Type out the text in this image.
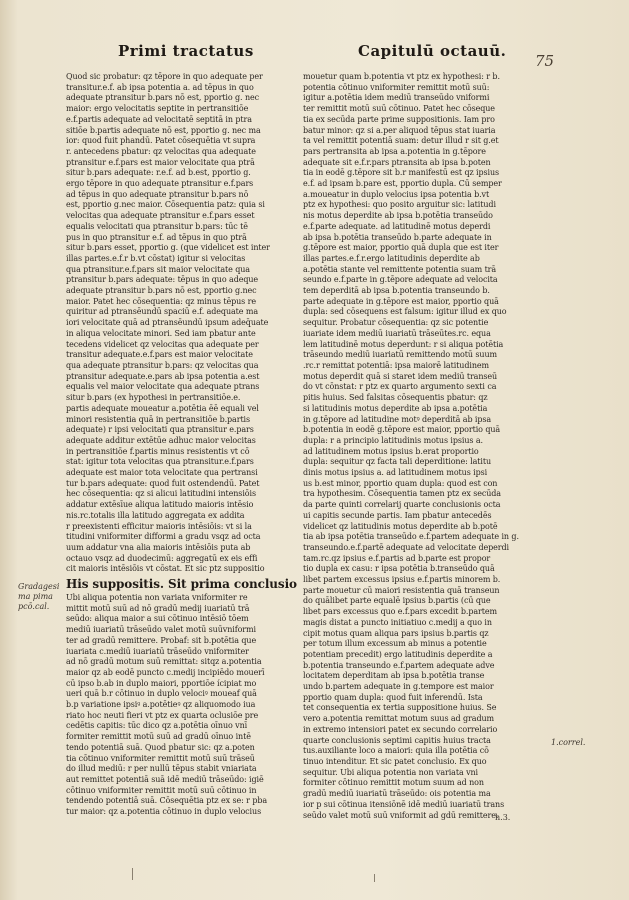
Primi tractatus	Capitulū octauū.
75
Quod sic probatur: qz tēpore in quo adequate per
transitur.e.f. ab ipsa potentia a. ad tēpus in quo
adequate ptransitur b.pars nō est, pportio g. nec
maior: ergo velocitatis septite in pertransitiōe
e.f.partis adequate ad velocitatē septitā in ptra
sitiōe b.partis adequate nō est, pportio g. nec ma
ior: quod fuit phandū. Patet cōsequētia vt supra
r. antecedens pbatur: qz velocitas qua adequate
ptransitur e.f.pars est maior velocitate qua ptrā
situr b.pars adequate: r.e.f. ad b.est, pportio g.
ergo tēpore in quo adequate ptransitur e.f.pars
ad tēpus in quo adequate ptransitur b.pars nō
est, pportio g.nec maior. Cōsequentia patz: quia si
velocitas qua adequate ptransitur e.f.pars esset
equalis velocitati qua ptransitur b.pars: tūc tē
pus in quo ptransitur e.f. ad tēpus in quo ptrā
situr b.pars esset, pportio g. (que videlicet est inter
illas partes.e.f.r b.vt cōstat) igitur si velocitas
qua ptransitur.e.f.pars sit maior velocitate qua
ptransitur b.pars adequate: tēpus in quo adeque
adequate ptransitur b.pars nō est, pportio g.nec
maior. Patet hec cōsequentia: qz minus tēpus re
quiritur ad ptransēundū spaciū e.f. adequate ma
iori velocitate quā ad ptransēundū ipsum adeq̄uate
in aliqua velocitate minori. Sed iam pbatur ante
tecedens videlicet qz velocitas qua adequate per
transitur adequate.e.f.pars est maior velocitate
qua adequate ptransitur b.pars: qz velocitas qua
ptransitur adequate.e.pars ab ipsa potentia a.est
equalis vel maior velocitate qua adequate ptrans
situr b.pars (ex hypothesi in pertransitiōe.e.
partis adequate moueatur a.potētia ēē equali vel
minori resistentia quā in pertransitiōe b.partis
adequate) r ipsi velocitati qua ptransitur e.pars
adequate additur extētūe adhuc maior velocitas
in pertransitiōe f.partis minus resistentis vt cō
stat: igitur tota velocitas qua ptransitur.e.f.pars
adequate est maior tota velocitate qua pertransi
tur b.pars adequate: quod fuit ostendendū. Patet
hec cōsequentia: qz si alicui latitudini intensiōis
addatur extēsīue aliqua latitudo maioris intēsio
nis.rc.totalis illa latitudo aggregata ex addita
r preexistenti efficitur maioris intēsiōis: vt si la
titudini vniformiter difformi a gradu vsqz ad octa
uum addatur vna alia maioris intēsiōis puta ab
octauo vsqz ad duodecimū: aggregatū ex eis effi
cit maioris intēsiōis vt cōstat. Et sic ptz suppositio
His suppositis. Sit prima conclusio
Ubi aliqua potentia non variata vniformiter re
mittit motū suū ad nō gradū medij iuariatū trā
seūdo: aliqua maior a sui cōtinuo intēsiō tōem
mediū iuariatū trāseūdo valet motū suūvniformi
ter ad gradū remittere. Probaf: sit b.potētia que
iuariata c.mediū iuariatū trāseūdo vniformiter
ad nō gradū motum suū remittat: sitqz a.potentia
maior qz ab eodē puncto c.medij incipiēdo mouerī
cū ipso b.ab in duplo maiori, pportiōe ícipiat mo
ueri quā b.r cōtinuo in duplo velociꝰ moueaf quā
b.p variatione ipsiꝰ a.potētieꝰ qz aliquomodo iua
riato hoc neuti fieri vt ptz ex quarta oclusiōe pre
cedētis capitis: tūc dico qz a.potētia oīnuo vnī
formiter remittit motū suū ad gradū oīnuo intē
tendo potentiā suā. Quod pbatur sic: qz a.poten
tia cōtinuo vniformiter remittit motū suū trāseū
do illud mediū: r per nullū tēpus stabit vniariata
aut remittet potentiā suā idē mediū trāseūdo: igiē
cōtinuo vniformiter remittit motū suū cōtinuo in
tendendo potentiā suā. Cōsequētia ptz ex se: r pba
tur maior: qz a.potentia cōtinuo in duplo velocius
mouetur quam b.potentia vt ptz ex hypothesi: r b.
potentia cōtinuo vniformiter remittit motū suū:
igitur a.potētia idem mediū transeūdo vniformi
ter remittit motū suū cōtinuo. Patet hec cōseque
tia ex secūda parte prime suppositionis. Iam pro
batur minor: qz si a.per aliquod tēpus stat iuaria
ta vel remittit potentiā suam: detur illud r sit g.et
pars pertransita ab ipsa a.potentia in g.tēpore
adequate sit e.f.r.pars ptransita ab ipsa b.poten
tia in eodē g.tēpore sit b.r manifestū est qz ipsius
e.f. ad ipsam b.pare est, pportio dupla. Cū semper
a.moueatur in duplo velocius ipsa potentia b.vt
ptz ex hypothesi: quo posito arguitur sic: latitudi
nis motus deperdite ab ipsa b.potētia transeūdo
e.f.parte adequate. ad latitudinē motus deperdi
ab ipsa b.potētia transeūdo b.parte adequate in
g.tēpore est maior, pportio quā dupla que est iter
illas partes.e.f.r.ergo latitudinis deperdite ab
a.potētia stante vel remittente potentia suam trā
seundo e.f.parte in g.tēpore adequate ad velocita
tem deperditā ab ipsa b.potentia transeundo b.
parte adequate in g.tēpore est maior, pportio quā
dupla: sed cōsequens est falsum: igitur illud ex quo
sequitur. Probatur cōsequentia: qz sic potentie
iuariate idem mediū iuariatū trāseūtes.rc. equa
lem latitudinē motus deperdunt: r si aliqua potētia
trāseundo mediū iuariatū remittendo motū suum
.rc.r remittat potentiā: ipsa maiorē latitudinem
motus deperdit quā si staret idem mediū transeū
do vt cōnstat: r ptz ex quarto argumento sexti ca
pitis huius. Sed falsitas cōsequentis pbatur: qz
si latitudinis motus deperdite ab ipsa a.potētia
in g.tēpore ad latitudine motꝰ deperditā ab ipsa
b.potentia in eodē g.tēpore est maior, pportio quā
dupla: r a principio latitudinis motus ipsius a.
ad latitudinem motus ipsius b.erat proportio
dupla: sequitur qz facta tali deperditione: latitu
dinis motus ipsius a. ad latitudinem motus ipsi
us b.est minor, pportio quam dupla: quod est con
tra hypothesim. Cōsequentia tamen ptz ex secūda
da parte quinti correlarij quarte conclusionis octa
ui capitis secunde partis. Iam pbatur antecedēs
videlicet qz latitudinis motus deperdite ab b.potē
tia ab ipsa potētia transeūdo e.f.partem adequate in g.
transeundo.e.f.partē adequate ad velocitate deperdi
tam.rc.qz ipsius e.f.partis ad b.parte est propor
tio dupla ex casu: r ipsa potētia b.transeūdo quā
libet partem excessus ipsius e.f.partis minorem b.
parte mouetur cū maiori resistentia quā transeun
do quālibet parte equalē ipsius b.partis (cū que
libet pars excessus quo e.f.pars excedit b.partem
magis distat a puncto initiatiuo c.medij a quo in
cipit motus quam aliqua pars ipsius b.partis qz
per totum illum excessum ab minus a potentie
potentiam precedit) ergo latitudinis deperdite a
b.potentia transeundo e.f.partem adequate adve
locitatem deperditam ab ipsa b.potētia transe
undo b.partem adequate in g.tempore est maior
pportio quam dupla: quod fuit inferendū. Ista
tet consequentia ex tertia suppositione huius. Se
vero a.potentia remittat motum suus ad gradum
in extremo intensiori patet ex secundo correlario
quarte conclusionis septimi capitis huius tracta
tus.auxiliante loco a maiori: quia illa potētia cō
tinuo intenditur. Et sic patet conclusio. Ex quo
sequitur. Ubi aliqua potentia non variata vni
formiter cōtinuo remittit motum suum ad non
gradū mediū iuariatū trāseūdo: ois potentia ma
ior p sui cōtinua itensiōnē idē mediū iuariatū trans
seūdo valet motū suū vniformit ad gdū remittere.
Gradagesi ma pima pcō.cal.
1.correl.
h.3.
